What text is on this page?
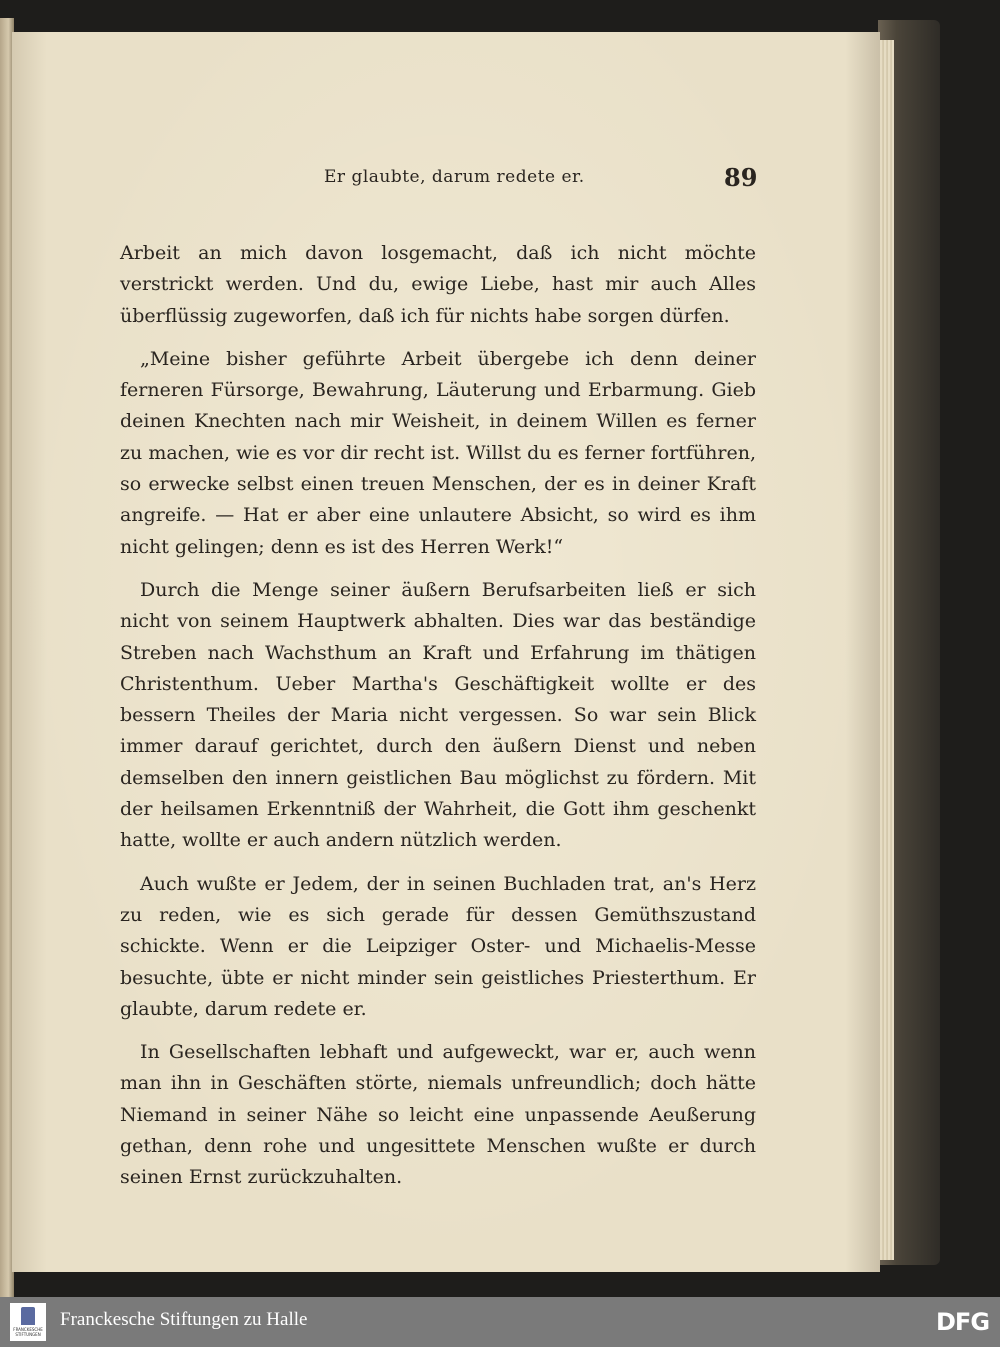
Er glaubte, darum redete er.	89

Arbeit an mich davon losgemacht, daß ich nicht möchte verstrickt werden. Und du, ewige Liebe, hast mir auch Alles überflüssig zugeworfen, daß ich für nichts habe sorgen dürfen.

„Meine bisher geführte Arbeit übergebe ich denn deiner ferneren Fürsorge, Bewahrung, Läuterung und Erbarmung. Gieb deinen Knechten nach mir Weisheit, in deinem Willen es ferner zu machen, wie es vor dir recht ist. Willst du es ferner fortführen, so erwecke selbst einen treuen Menschen, der es in deiner Kraft angreife. — Hat er aber eine unlautere Absicht, so wird es ihm nicht gelingen; denn es ist des Herren Werk!“

Durch die Menge seiner äußern Berufsarbeiten ließ er sich nicht von seinem Hauptwerk abhalten. Dies war das beständige Streben nach Wachsthum an Kraft und Erfahrung im thätigen Christenthum. Ueber Martha's Geschäftigkeit wollte er des bessern Theiles der Maria nicht vergessen. So war sein Blick immer darauf gerichtet, durch den äußern Dienst und neben demselben den innern geistlichen Bau möglichst zu fördern. Mit der heilsamen Erkenntniß der Wahrheit, die Gott ihm geschenkt hatte, wollte er auch andern nützlich werden.

Auch wußte er Jedem, der in seinen Buchladen trat, an's Herz zu reden, wie es sich gerade für dessen Gemüthszustand schickte. Wenn er die Leipziger Oster- und Michaelis-Messe besuchte, übte er nicht minder sein geistliches Priesterthum. Er glaubte, darum redete er.

In Gesellschaften lebhaft und aufgeweckt, war er, auch wenn man ihn in Geschäften störte, niemals unfreundlich; doch hätte Niemand in seiner Nähe so leicht eine unpassende Aeußerung gethan, denn rohe und ungesittete Menschen wußte er durch seinen Ernst zurückzuhalten.

FRANCKESCHE STIFTUNGEN
Franckesche Stiftungen zu Halle	DFG
